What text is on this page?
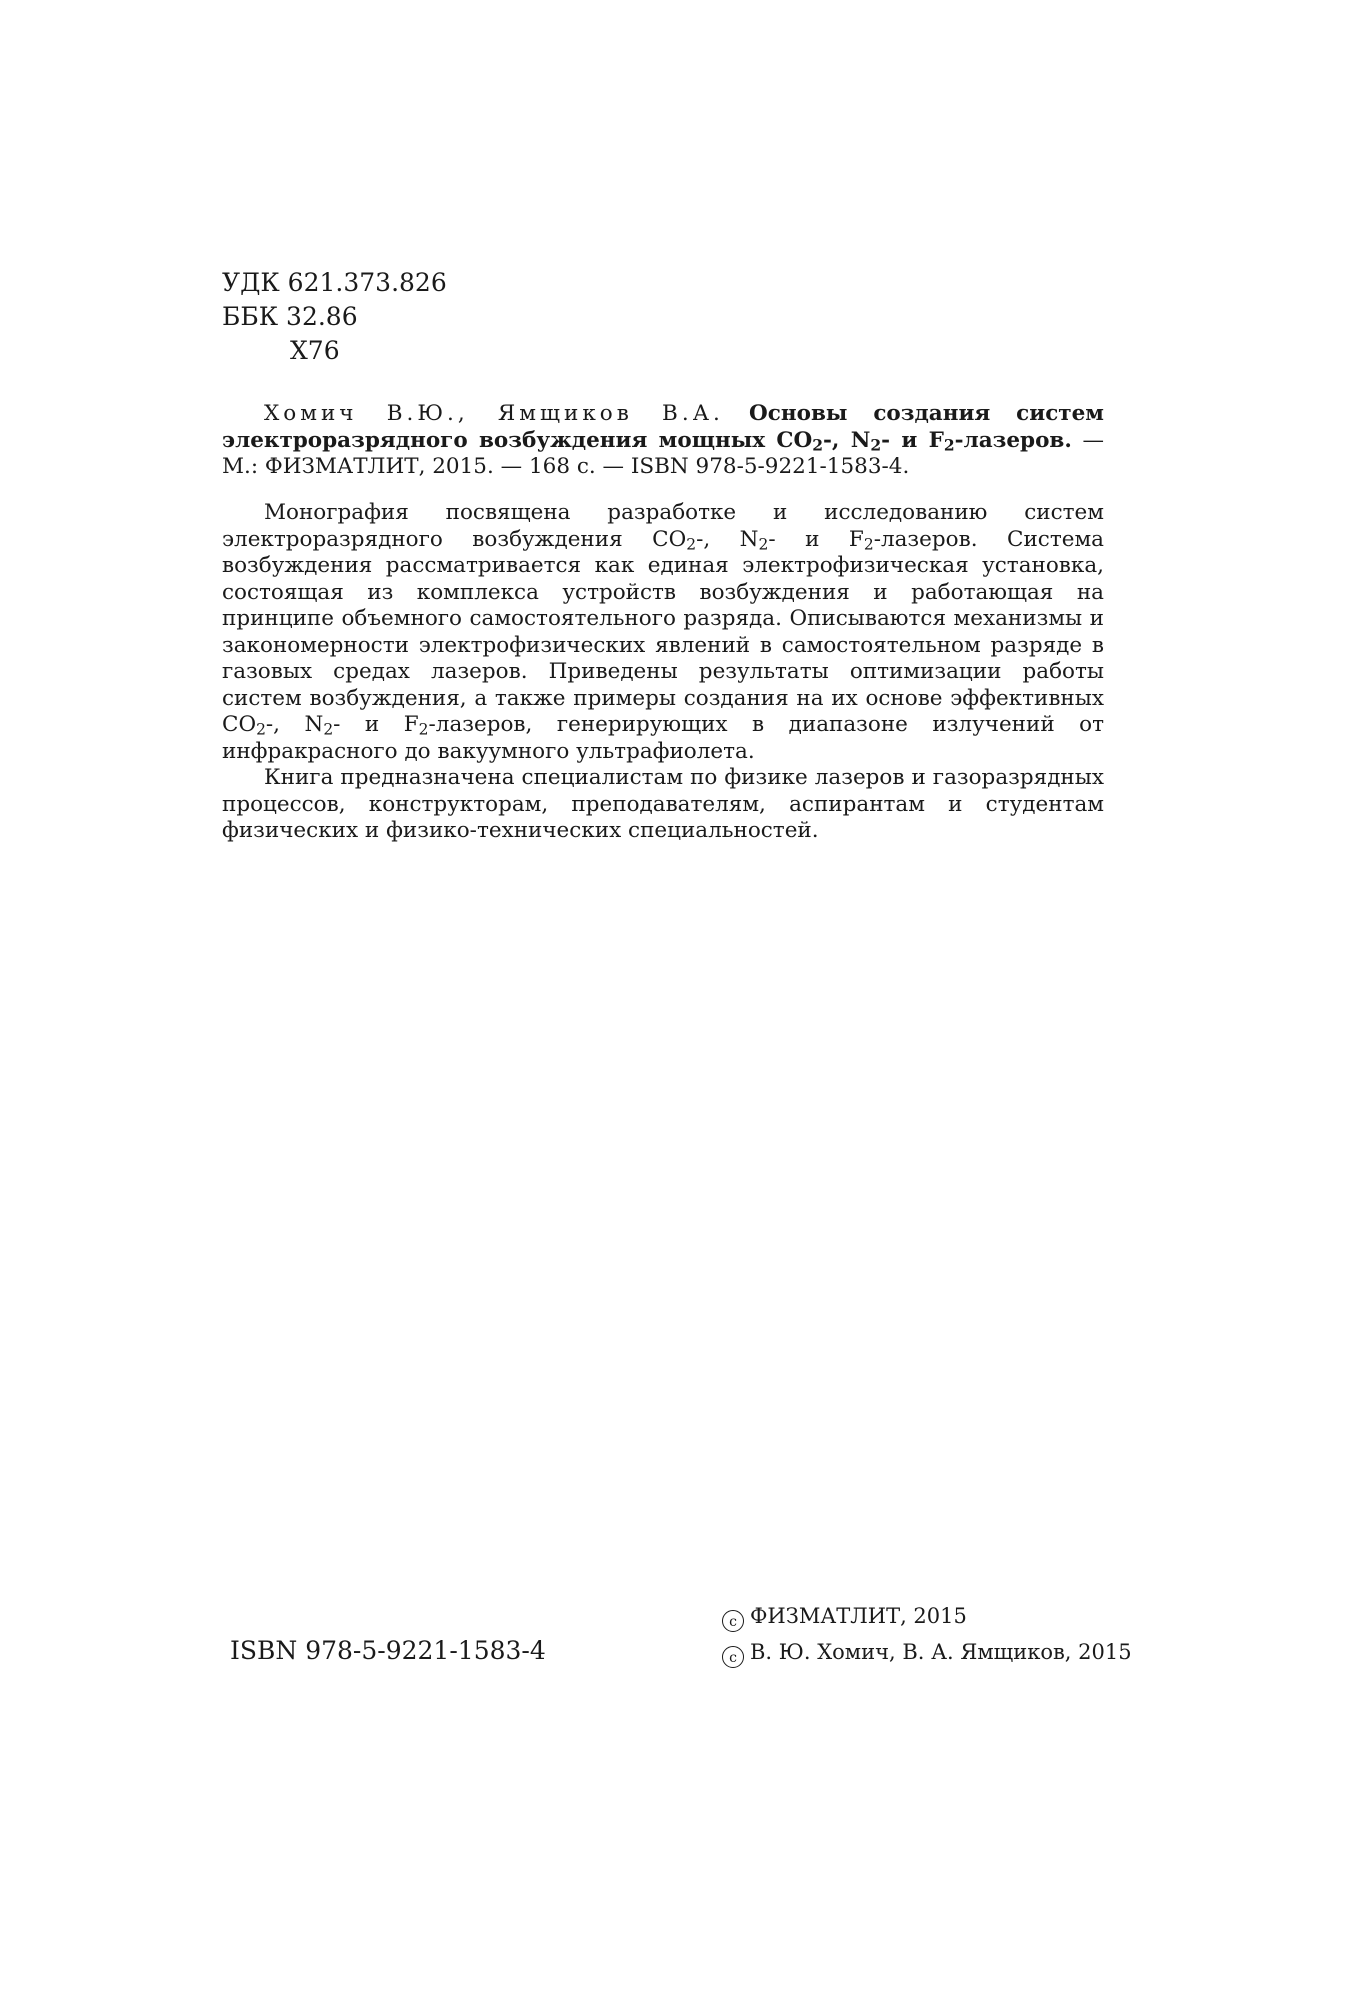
УДК 621.373.826
ББК 32.86
Х76

Хомич В.Ю., Ямщиков В.А. Основы создания систем электроразрядного возбуждения мощных $CO_2-$, $N_2-$ и $F_2$-лазеров. — М.: ФИЗМАТЛИТ, 2015. — 168 с. — ISBN 978-5-9221-1583-4.

Монография посвящена разработке и исследованию систем электроразрядного возбуждения $CO_2-$, $N_2-$ и $F_2$-лазеров. Система возбуждения рассматривается как единая электрофизическая установка, состоящая из комплекса устройств возбуждения и работающая на принципе объемного самостоятельного разряда. Описываются механизмы и закономерности электрофизических явлений в самостоятельном разряде в газовых средах лазеров. Приведены результаты оптимизации работы систем возбуждения, а также примеры создания на их основе эффективных $CO_2-$, $N_2-$ и $F_2$-лазеров, генерирующих в диапазоне излучений от инфракрасного до вакуумного ультрафиолета.

Книга предназначена специалистам по физике лазеров и газоразрядных процессов, конструкторам, преподавателям, аспирантам и студентам физических и физико-технических специальностей.

ISBN 978-5-9221-1583-4
c ФИЗМАТЛИТ, 2015
c В. Ю. Хомич, В. А. Ямщиков, 2015
